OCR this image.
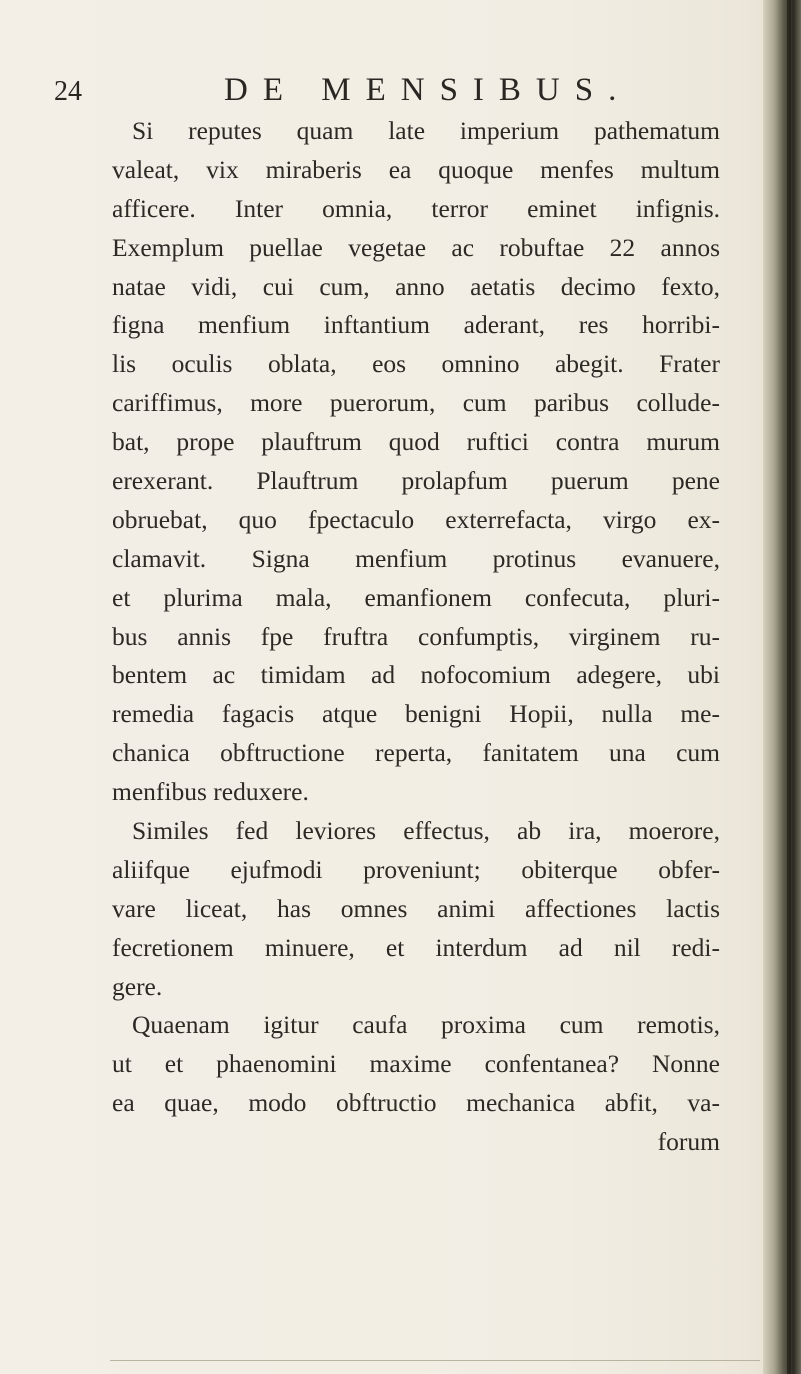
24	DE MENSIBUS.
Si reputes quam late imperium pathematum
valeat, vix miraberis ea quoque menfes multum
afficere. Inter omnia, terror eminet infignis.
Exemplum puellae vegetae ac robuftae 22 annos
natae vidi, cui cum, anno aetatis decimo fexto,
figna menfium inftantium aderant, res horribi-
lis oculis oblata, eos omnino abegit. Frater
cariffimus, more puerorum, cum paribus collude-
bat, prope plauftrum quod ruftici contra murum
erexerant. Plauftrum prolapfum puerum pene
obruebat, quo fpectaculo exterrefacta, virgo ex-
clamavit. Signa menfium protinus evanuere,
et plurima mala, emanfionem confecuta, pluri-
bus annis fpe fruftra confumptis, virginem ru-
bentem ac timidam ad nofocomium adegere, ubi
remedia fagacis atque benigni Hopii, nulla me-
chanica obftructione reperta, fanitatem una cum
menfibus reduxere.
Similes fed leviores effectus, ab ira, moerore,
aliifque ejufmodi proveniunt; obiterque obfer-
vare liceat, has omnes animi affectiones lactis
fecretionem minuere, et interdum ad nil redi-
gere.
Quaenam igitur caufa proxima cum remotis,
ut et phaenomini maxime confentanea? Nonne
ea quae, modo obftructio mechanica abfit, va-
forum
